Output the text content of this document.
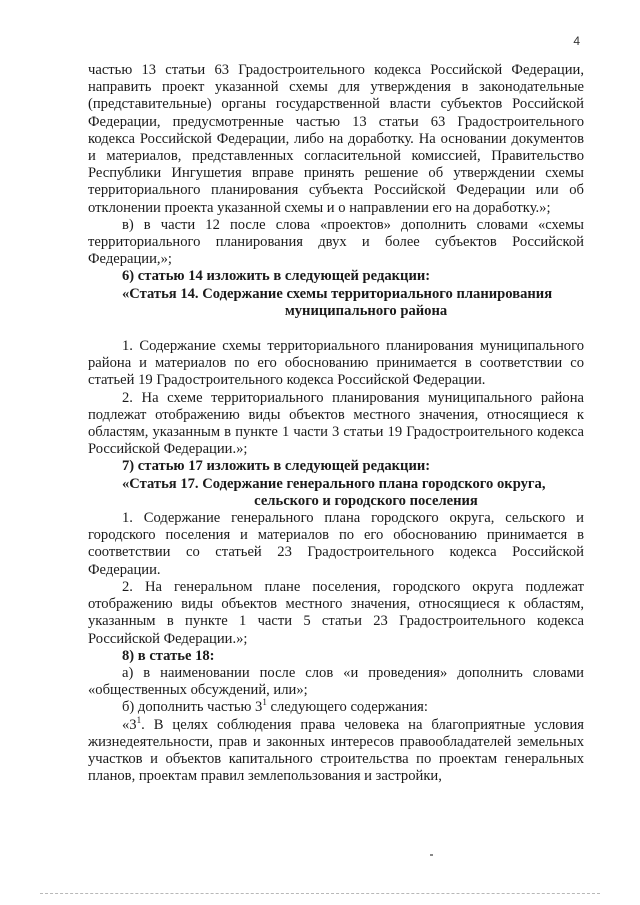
4

частью 13 статьи 63 Градостроительного кодекса Российской Федерации, направить проект указанной схемы для утверждения в законодательные (представительные) органы государственной власти субъектов Российской Федерации, предусмотренные частью 13 статьи 63 Градостроительного кодекса Российской Федерации, либо на доработку. На основании документов и материалов, представленных согласительной комиссией, Правительство Республики Ингушетия вправе принять решение об утверждении схемы территориального планирования субъекта Российской Федерации или об отклонении проекта указанной схемы и о направлении его на доработку.»;

в) в части 12 после слова «проектов» дополнить словами «схемы территориального планирования двух и более субъектов Российской Федерации,»;

6) статью 14 изложить в следующей редакции:

«Статья 14. Содержание схемы территориального планирования
муниципального района

1. Содержание схемы территориального планирования муниципального района и материалов по его обоснованию принимается в соответствии со статьей 19 Градостроительного кодекса Российской Федерации.

2. На схеме территориального планирования муниципального района подлежат отображению виды объектов местного значения, относящиеся к областям, указанным в пункте 1 части 3 статьи 19 Градостроительного кодекса Российской Федерации.»;

7) статью 17 изложить в следующей редакции:

«Статья 17. Содержание генерального плана городского округа,
сельского и городского поселения

1. Содержание генерального плана городского округа, сельского и городского поселения и материалов по его обоснованию принимается в соответствии со статьей 23 Градостроительного кодекса Российской Федерации.

2. На генеральном плане поселения, городского округа подлежат отображению виды объектов местного значения, относящиеся к областям, указанным в пункте 1 части 5 статьи 23 Градостроительного кодекса Российской Федерации.»;

8) в статье 18:

а) в наименовании после слов «и проведения» дополнить словами «общественных обсуждений, или»;

б) дополнить частью $3^1$ следующего содержания:

«$3^1$. В целях соблюдения права человека на благоприятные условия жизнедеятельности, прав и законных интересов правообладателей земельных участков и объектов капитального строительства по проектам генеральных планов, проектам правил землепользования и застройки,
